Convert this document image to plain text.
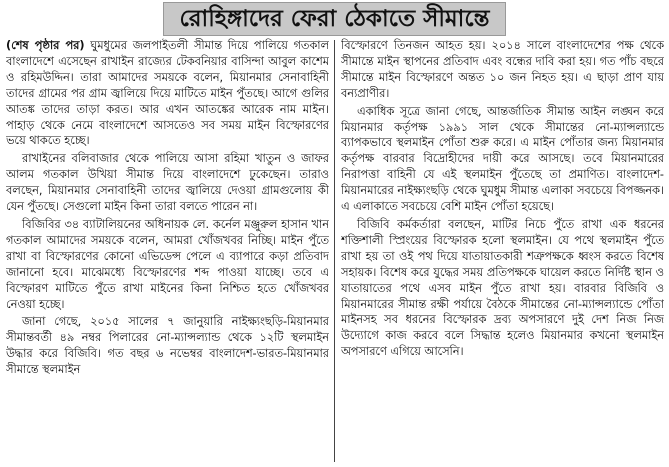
রোহিঙ্গাদের ফেরা ঠেকাতে সীমান্তে

(শেষ পৃষ্ঠার পর) ঘুমধুমের জলপাইতলী সীমান্ত দিয়ে পালিয়ে গতকাল বাংলাদেশে এসেছেন রাখাইন রাজ্যের টেকবনিয়ার বাসিন্দা আবুল কাশেম ও রহিমউদ্দিন। তারা আমাদের সময়কে বলেন, মিয়ানমার সেনাবাহিনী তাদের গ্রামের পর গ্রাম জ্বালিয়ে দিয়ে মাটিতে মাইন পুঁতছে। আগে গুলির আতঙ্ক তাদের তাড়া করত। আর এখন আতঙ্কের আরেক নাম মাইন। পাহাড় থেকে নেমে বাংলাদেশে আসতেও সব সময় মাইন বিস্ফোরণের ভয়ে থাকতে হচ্ছে।

রাখাইনের বলিবাজার থেকে পালিয়ে আসা রহিমা খাতুন ও জাফর আলম গতকাল উখিয়া সীমান্ত দিয়ে বাংলাদেশে ঢুকেছেন। তারাও বলছেন, মিয়ানমার সেনাবাহিনী তাদের জ্বালিয়ে দেওয়া গ্রামগুলোয় কী যেন পুঁতছে। সেগুলো মাইন কিনা তারা বলতে পারেন না।

বিজিবির ৩৪ ব্যাটালিয়নের অধিনায়ক লে. কর্নেল মঞ্জুরুল হাসান খান গতকাল আমাদের সময়কে বলেন, আমরা খোঁজখবর নিচ্ছি। মাইন পুঁতে রাখা বা বিস্ফোরণের কোনো এভিডেন্স পেলে এ ব্যাপারে কড়া প্রতিবাদ জানানো হবে। মাঝেমধ্যে বিস্ফোরণের শব্দ পাওয়া যাচ্ছে। তবে এ বিস্ফোরণ মাটিতে পুঁতে রাখা মাইনের কিনা নিশ্চিত হতে খোঁজখবর নেওয়া হচ্ছে।

জানা গেছে, ২০১৫ সালের ৭ জানুয়ারি নাইক্ষ্যংছড়ি-মিয়ানমার সীমান্তবর্তী ৪৯ নম্বর পিলারের নো-ম্যান্সল্যান্ড থেকে ১২টি স্থলমাইন উদ্ধার করে বিজিবি। গত বছর ৬ নভেম্বর বাংলাদেশ-ভারত-মিয়ানমার সীমান্তে স্থলমাইন

বিস্ফোরণে তিনজন আহত হয়। ২০১৪ সালে বাংলাদেশের পক্ষ থেকে সীমান্তে মাইন স্থাপনের প্রতিবাদ এবং বন্ধের দাবি করা হয়। গত পাঁচ বছরে সীমান্তে মাইন বিস্ফোরণে অন্তত ১০ জন নিহত হয়। এ ছাড়া প্রাণ যায় বন্যপ্রাণীর।

একাধিক সূত্রে জানা গেছে, আন্তর্জাতিক সীমান্ত আইন লঙ্ঘন করে মিয়ানমার কর্তৃপক্ষ ১৯৯১ সাল থেকে সীমান্তের নো-ম্যান্সল্যান্ডে ব্যাপকভাবে স্থলমাইন পোঁতা শুরু করে। এ মাইন পোঁতার জন্য মিয়ানমার কর্তৃপক্ষ বারবার বিদ্রোহীদের দায়ী করে আসছে। তবে মিয়ানমারের নিরাপত্তা বাহিনী যে এই স্থলমাইন পুঁতেছে তা প্রমাণিত। বাংলাদেশ-মিয়ানমারের নাইক্ষ্যংছড়ি থেকে ঘুমধুম সীমান্ত এলাকা সবচেয়ে বিপজ্জনক। এ এলাকাতে সবচেয়ে বেশি মাইন পোঁতা হয়েছে।

বিজিবি কর্মকর্তারা বলছেন, মাটির নিচে পুঁতে রাখা এক ধরনের শক্তিশালী স্প্রিংয়ের বিস্ফোরক হলো স্থলমাইন। যে পথে স্থলমাইন পুঁতে রাখা হয় তা ওই পথ দিয়ে যাতায়াতকারী শত্রুপক্ষকে ধ্বংস করতে বিশেষ সহায়ক। বিশেষ করে যুদ্ধের সময় প্রতিপক্ষকে ঘায়েল করতে নির্দিষ্ট স্থান ও যাতায়াতের পথে এসব মাইন পুঁতে রাখা হয়। বারবার বিজিবি ও মিয়ানমারের সীমান্ত রক্ষী পর্যায়ে বৈঠকে সীমান্তের নো-ম্যান্সল্যান্ডে পোঁতা মাইনসহ সব ধরনের বিস্ফোরক দ্রব্য অপসারণে দুই দেশ নিজ নিজ উদ্যোগে কাজ করবে বলে সিদ্ধান্ত হলেও মিয়ানমার কখনো স্থলমাইন অপসারণে এগিয়ে আসেনি।
